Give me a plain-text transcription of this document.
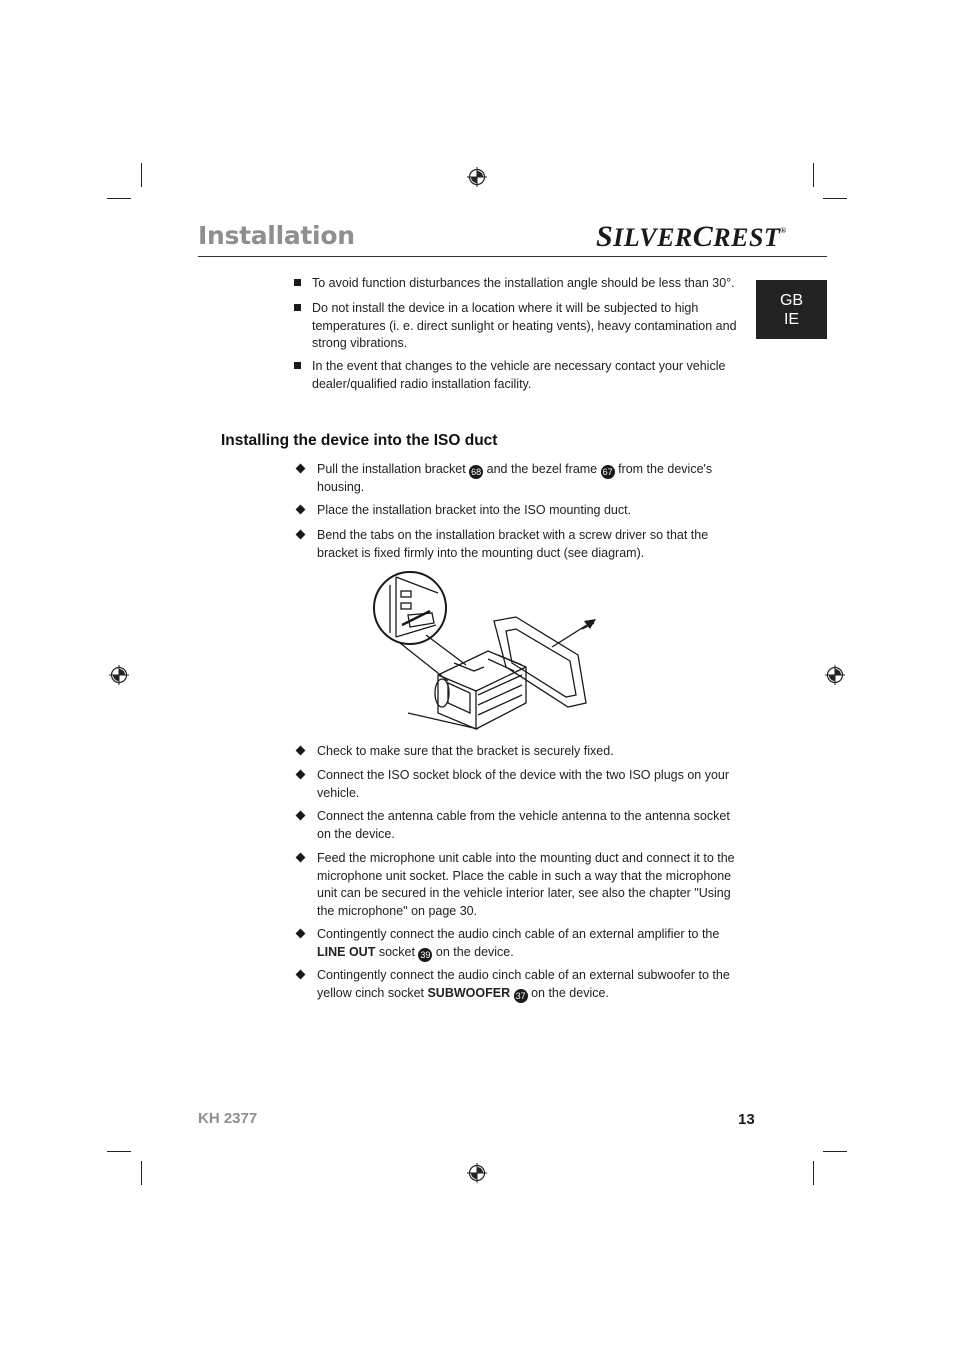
Installation	SILVERCREST®
GB
IE
To avoid function disturbances the installation angle should be less than 30°.
Do not install the device in a location where it will be subjected to high temperatures (i. e. direct sunlight or heating vents), heavy contamination and strong vibrations.
In the event that changes to the vehicle are necessary contact your vehicle dealer/qualified radio installation facility.
Installing the device into the ISO duct
Pull the installation bracket 68 and the bezel frame 67 from the device's housing.
Place the installation bracket into the ISO mounting duct.
Bend the tabs on the installation bracket with a screw driver so that the bracket is fixed firmly into the mounting duct (see diagram).
Check to make sure that the bracket is securely fixed.
Connect the ISO socket block of the device with the two ISO plugs on your vehicle.
Connect the antenna cable from the vehicle antenna to the antenna socket on the device.
Feed the microphone unit cable into the mounting duct and connect it to the microphone unit socket. Place the cable in such a way that the microphone unit can be secured in the vehicle interior later, see also the chapter "Using the microphone" on page 30.
Contingently connect the audio cinch cable of an external amplifier to the LINE OUT socket 39 on the device.
Contingently connect the audio cinch cable of an external subwoofer to the yellow cinch socket SUBWOOFER 37 on the device.
KH 2377	13
